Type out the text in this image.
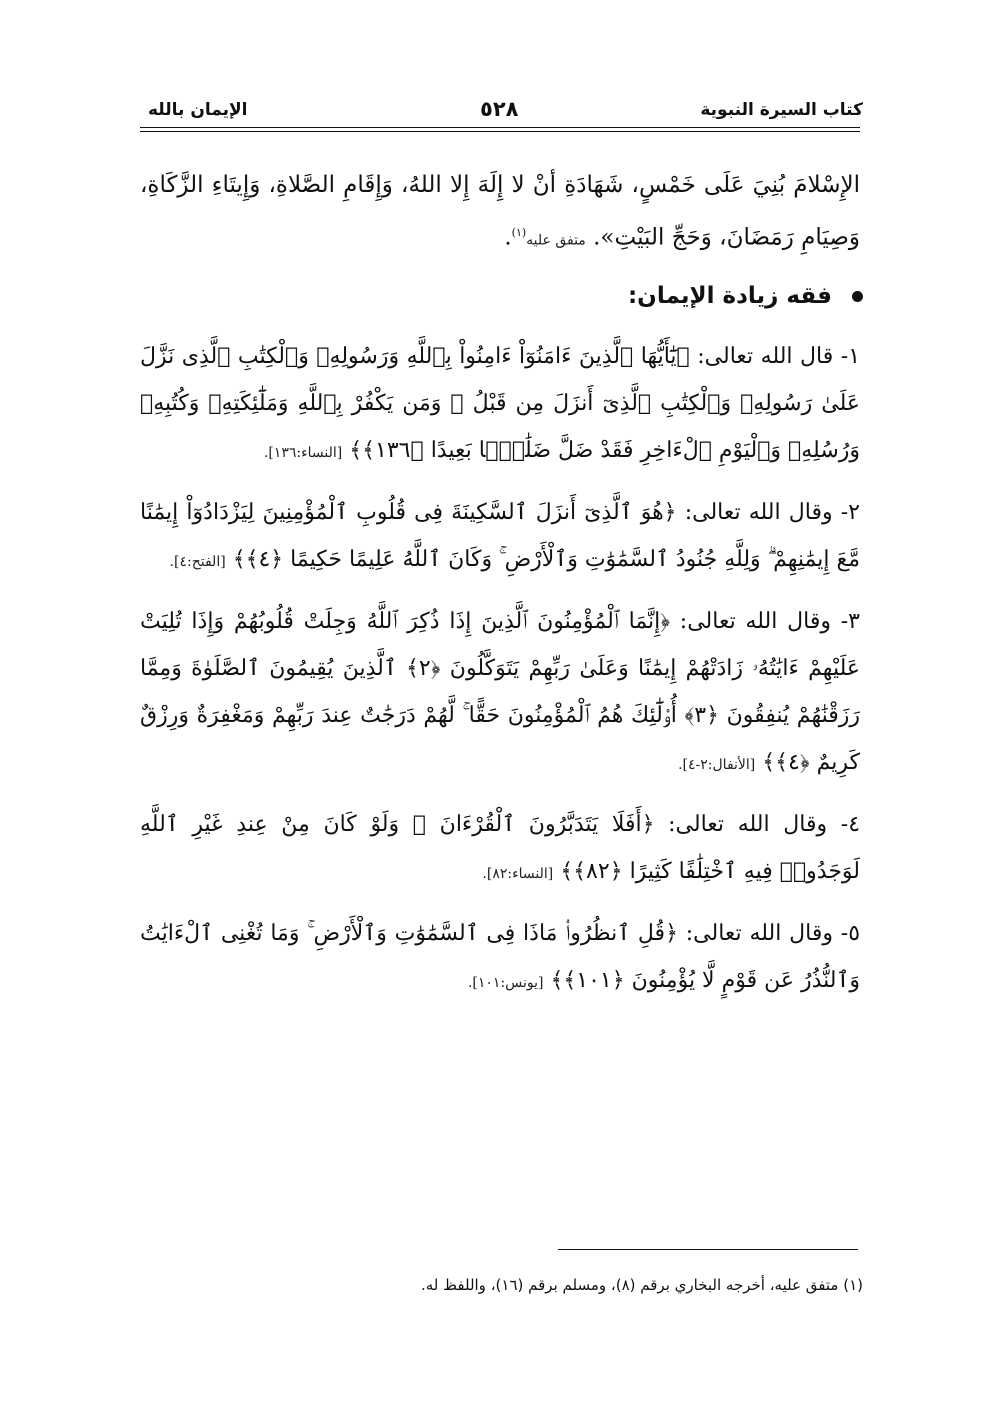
كتاب السيرة النبوية
٥٢٨
الإيمان بالله

الإِسْلامَ بُنِيَ عَلَى خَمْسٍ، شَهَادَةِ أنْ لا إِلَهَ إِلا اللهُ، وَإِقَامِ الصَّلاةِ، وَإِيتَاءِ الزَّكَاةِ، وَصِيَامِ رَمَضَانَ، وَحَجِّ البَيْتِ». متفق عليه$^{(١)}$.

فقه زيادة الإيمان:

١- قال الله تعالى: ﴿يَٰٓأَيُّهَا ٱلَّذِينَ ءَامَنُوٓاْ ءَامِنُواْ بِٱللَّهِ وَرَسُولِهِۦ وَٱلْكِتَٰبِ ٱلَّذِى نَزَّلَ عَلَىٰ رَسُولِهِۦ وَٱلْكِتَٰبِ ٱلَّذِىٓ أَنزَلَ مِن قَبْلُ ۚ وَمَن يَكْفُرْ بِٱللَّهِ وَمَلَٰٓئِكَتِهِۦ وَكُتُبِهِۦ وَرُسُلِهِۦ وَٱلْيَوْمِ ٱلْءَاخِرِ فَقَدْ ضَلَّ ضَلَٰلًۢا بَعِيدًا ﴿١٣٦﴾﴾ [النساء:١٣٦].

٢- وقال الله تعالى: ﴿هُوَ ٱلَّذِىٓ أَنزَلَ ٱلسَّكِينَةَ فِى قُلُوبِ ٱلْمُؤْمِنِينَ لِيَزْدَادُوٓاْ إِيمَٰنًا مَّعَ إِيمَٰنِهِمْ ۗ وَلِلَّهِ جُنُودُ ٱلسَّمَٰوَٰتِ وَٱلْأَرْضِ ۚ وَكَانَ ٱللَّهُ عَلِيمًا حَكِيمًا ﴿٤﴾﴾ [الفتح:٤].

٣- وقال الله تعالى: ﴿إِنَّمَا ٱلْمُؤْمِنُونَ ٱلَّذِينَ إِذَا ذُكِرَ ٱللَّهُ وَجِلَتْ قُلُوبُهُمْ وَإِذَا تُلِيَتْ عَلَيْهِمْ ءَايَٰتُهُۥ زَادَتْهُمْ إِيمَٰنًا وَعَلَىٰ رَبِّهِمْ يَتَوَكَّلُونَ ﴿٢﴾ ٱلَّذِينَ يُقِيمُونَ ٱلصَّلَوٰةَ وَمِمَّا رَزَقْنَٰهُمْ يُنفِقُونَ ﴿٣﴾ أُو۟لَٰٓئِكَ هُمُ ٱلْمُؤْمِنُونَ حَقًّا ۚ لَّهُمْ دَرَجَٰتٌ عِندَ رَبِّهِمْ وَمَغْفِرَةٌ وَرِزْقٌ كَرِيمٌ ﴿٤﴾﴾ [الأنفال:٢-٤].

٤- وقال الله تعالى: ﴿أَفَلَا يَتَدَبَّرُونَ ٱلْقُرْءَانَ ۚ وَلَوْ كَانَ مِنْ عِندِ غَيْرِ ٱللَّهِ لَوَجَدُوا۟ فِيهِ ٱخْتِلَٰفًا كَثِيرًا ﴿٨٢﴾﴾ [النساء:٨٢].

٥- وقال الله تعالى: ﴿قُلِ ٱنظُرُوا۟ مَاذَا فِى ٱلسَّمَٰوَٰتِ وَٱلْأَرْضِ ۚ وَمَا تُغْنِى ٱلْءَايَٰتُ وَٱلنُّذُرُ عَن قَوْمٍ لَّا يُؤْمِنُونَ ﴿١٠١﴾﴾ [يونس:١٠١].

(١) متفق عليه، أخرجه البخاري برقم (٨)، ومسلم برقم (١٦)، واللفظ له.
